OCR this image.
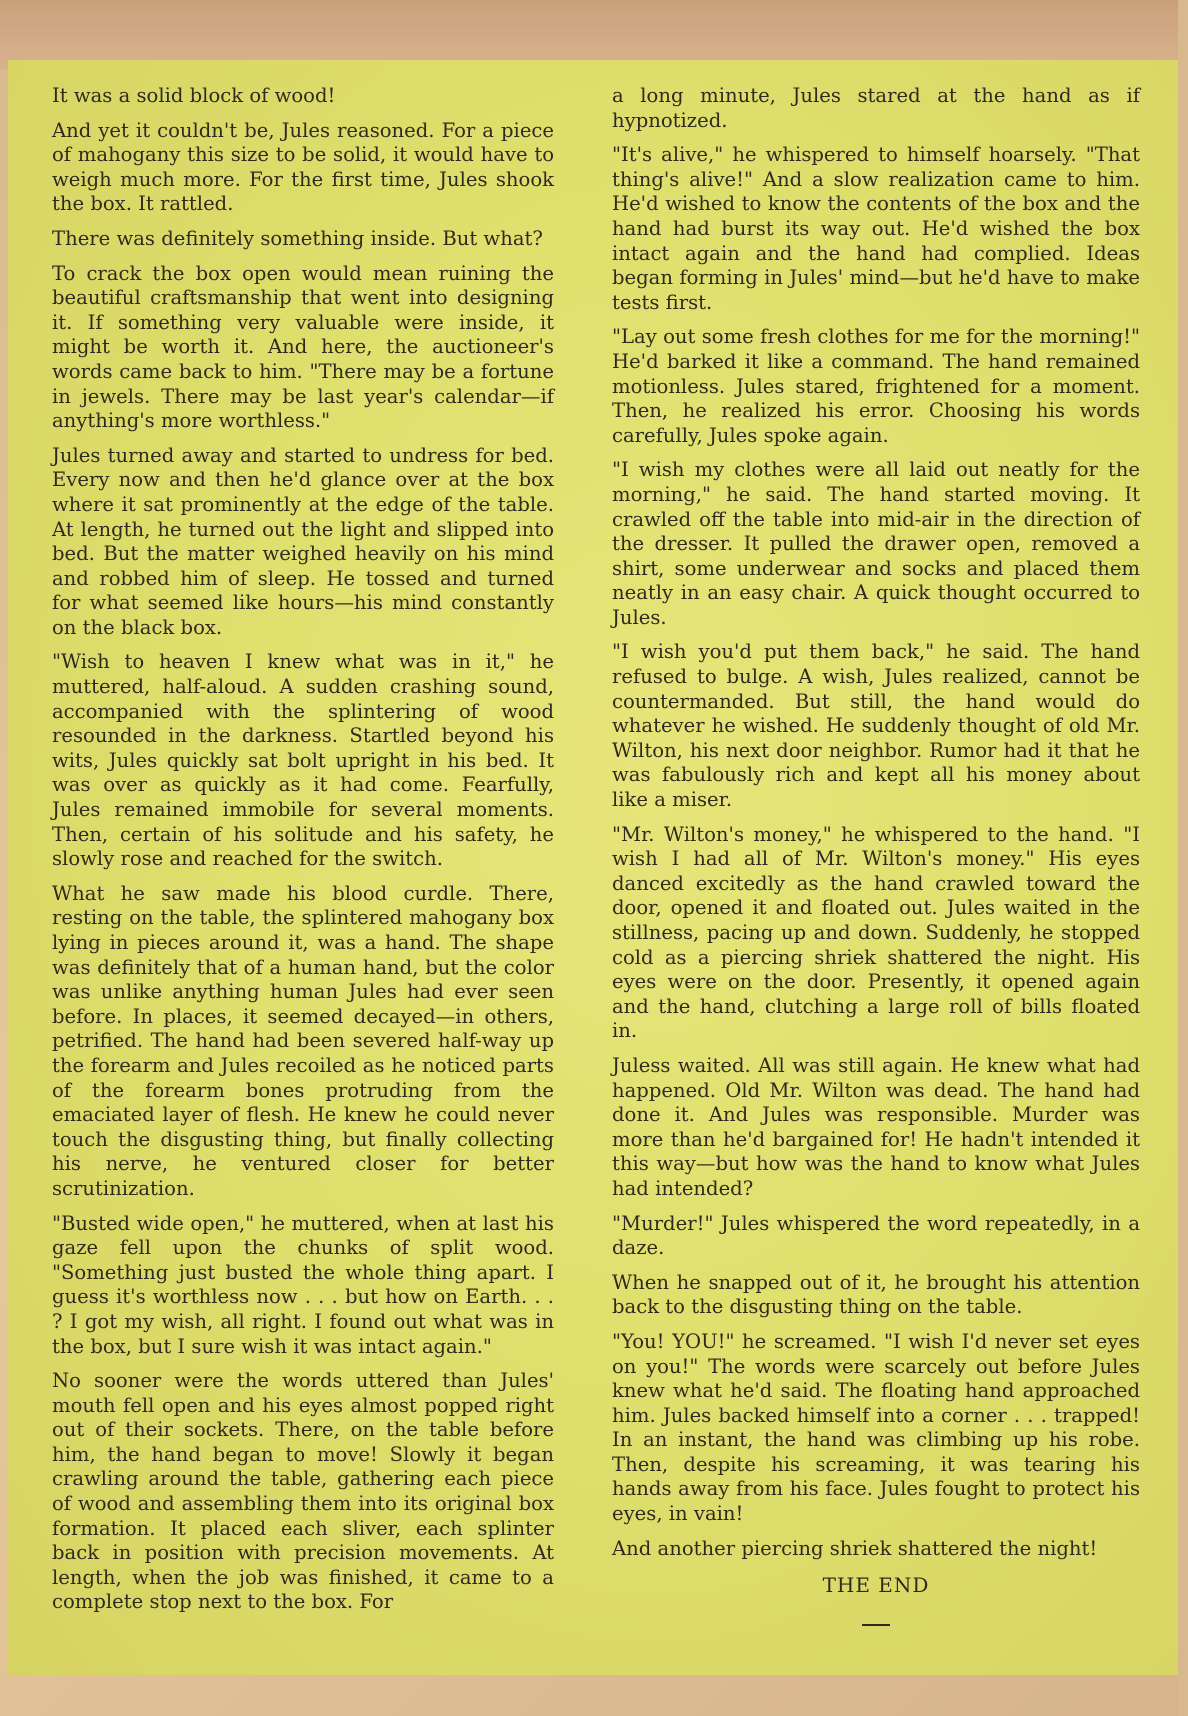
It was a solid block of wood!

And yet it couldn't be, Jules reasoned. For a piece of mahogany this size to be solid, it would have to weigh much more. For the first time, Jules shook the box. It rattled.

There was definitely something inside. But what?

To crack the box open would mean ruining the beautiful craftsmanship that went into designing it. If something very valuable were inside, it might be worth it. And here, the auctioneer's words came back to him. "There may be a fortune in jewels. There may be last year's calendar—if anything's more worthless."

Jules turned away and started to undress for bed. Every now and then he'd glance over at the box where it sat prominently at the edge of the table. At length, he turned out the light and slipped into bed. But the matter weighed heavily on his mind and robbed him of sleep. He tossed and turned for what seemed like hours—his mind constantly on the black box.

"Wish to heaven I knew what was in it," he muttered, half-aloud. A sudden crashing sound, accompanied with the splintering of wood resounded in the darkness. Startled beyond his wits, Jules quickly sat bolt upright in his bed. It was over as quickly as it had come. Fearfully, Jules remained immobile for several moments. Then, certain of his solitude and his safety, he slowly rose and reached for the switch.

What he saw made his blood curdle. There, resting on the table, the splintered mahogany box lying in pieces around it, was a hand. The shape was definitely that of a human hand, but the color was unlike anything human Jules had ever seen before. In places, it seemed decayed—in others, petrified. The hand had been severed half-way up the forearm and Jules recoiled as he noticed parts of the forearm bones protruding from the emaciated layer of flesh. He knew he could never touch the disgusting thing, but finally collecting his nerve, he ventured closer for better scrutinization.

"Busted wide open," he muttered, when at last his gaze fell upon the chunks of split wood. "Something just busted the whole thing apart. I guess it's worthless now . . . but how on Earth. . . ? I got my wish, all right. I found out what was in the box, but I sure wish it was intact again."

No sooner were the words uttered than Jules' mouth fell open and his eyes almost popped right out of their sockets. There, on the table before him, the hand began to move! Slowly it began crawling around the table, gathering each piece of wood and assembling them into its original box formation. It placed each sliver, each splinter back in position with precision movements. At length, when the job was finished, it came to a complete stop next to the box. For

a long minute, Jules stared at the hand as if hypnotized.

"It's alive," he whispered to himself hoarsely. "That thing's alive!" And a slow realization came to him. He'd wished to know the contents of the box and the hand had burst its way out. He'd wished the box intact again and the hand had complied. Ideas began forming in Jules' mind—but he'd have to make tests first.

"Lay out some fresh clothes for me for the morning!" He'd barked it like a command. The hand remained motionless. Jules stared, frightened for a moment. Then, he realized his error. Choosing his words carefully, Jules spoke again.

"I wish my clothes were all laid out neatly for the morning," he said. The hand started moving. It crawled off the table into mid-air in the direction of the dresser. It pulled the drawer open, removed a shirt, some underwear and socks and placed them neatly in an easy chair. A quick thought occurred to Jules.

"I wish you'd put them back," he said. The hand refused to bulge. A wish, Jules realized, cannot be countermanded. But still, the hand would do whatever he wished. He suddenly thought of old Mr. Wilton, his next door neighbor. Rumor had it that he was fabulously rich and kept all his money about like a miser.

"Mr. Wilton's money," he whispered to the hand. "I wish I had all of Mr. Wilton's money." His eyes danced excitedly as the hand crawled toward the door, opened it and floated out. Jules waited in the stillness, pacing up and down. Suddenly, he stopped cold as a piercing shriek shattered the night. His eyes were on the door. Presently, it opened again and the hand, clutching a large roll of bills floated in.

Juless waited. All was still again. He knew what had happened. Old Mr. Wilton was dead. The hand had done it. And Jules was responsible. Murder was more than he'd bargained for! He hadn't intended it this way—but how was the hand to know what Jules had intended?

"Murder!" Jules whispered the word repeatedly, in a daze.

When he snapped out of it, he brought his attention back to the disgusting thing on the table.

"You! YOU!" he screamed. "I wish I'd never set eyes on you!" The words were scarcely out before Jules knew what he'd said. The floating hand approached him. Jules backed himself into a corner . . . trapped! In an instant, the hand was climbing up his robe. Then, despite his screaming, it was tearing his hands away from his face. Jules fought to protect his eyes, in vain!

And another piercing shriek shattered the night!

THE END
